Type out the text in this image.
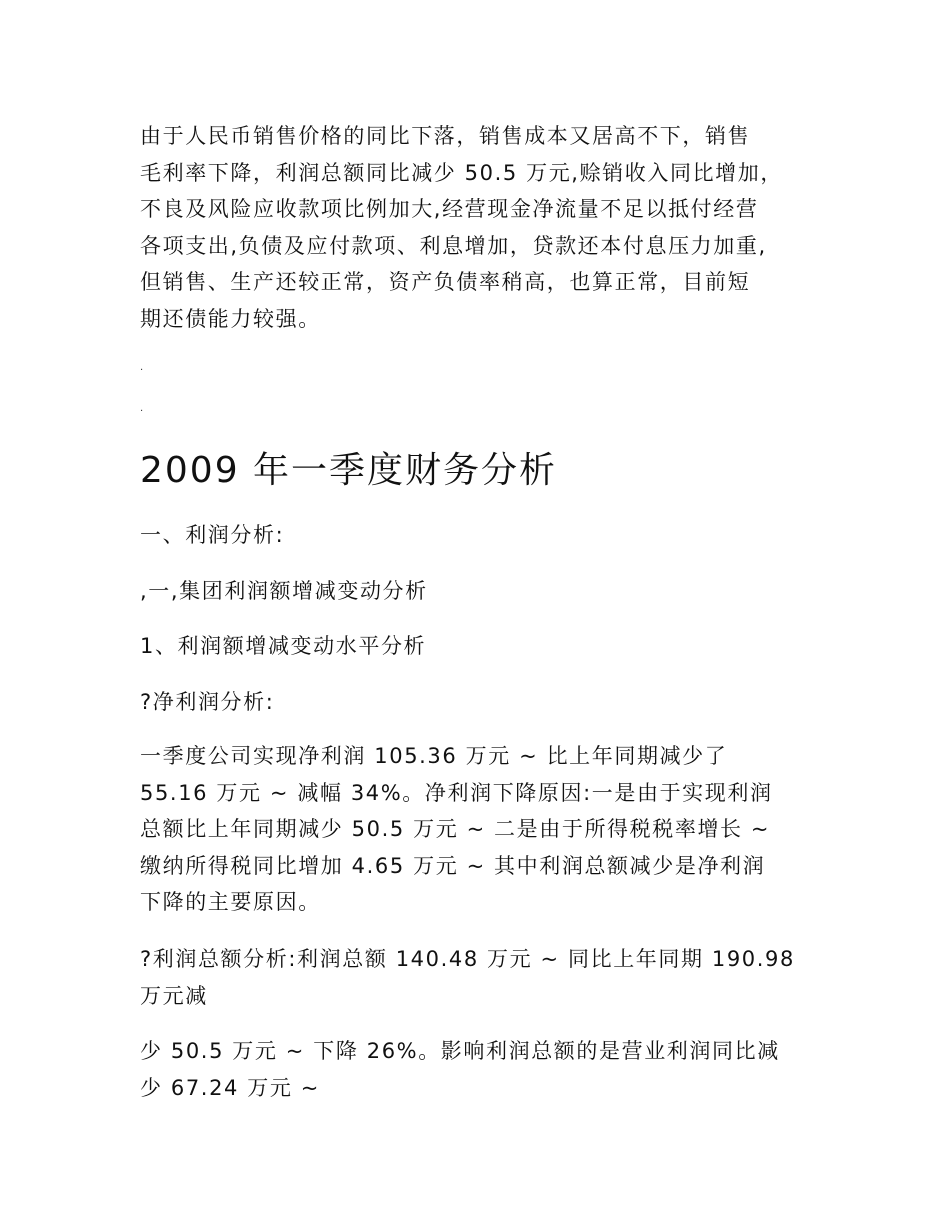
由于人民币销售价格的同比下落，销售成本又居高不下，销售
毛利率下降，利润总额同比减少 50.5 万元,赊销收入同比增加，
不良及风险应收款项比例加大,经营现金净流量不足以抵付经营
各项支出,负债及应付款项、利息增加，贷款还本付息压力加重,
但销售、生产还较正常，资产负债率稍高，也算正常，目前短
期还债能力较强。
.
.
2009 年一季度财务分析

一、利润分析:

,一,集团利润额增减变动分析

1、利润额增减变动水平分析

?净利润分析:

一季度公司实现净利润 105.36 万元 ~ 比上年同期减少了
55.16 万元 ~ 减幅 34%。净利润下降原因:一是由于实现利润
总额比上年同期减少 50.5 万元 ~ 二是由于所得税税率增长 ~
缴纳所得税同比增加 4.65 万元 ~ 其中利润总额减少是净利润
下降的主要原因。
?利润总额分析:利润总额 140.48 万元 ~ 同比上年同期 190.98
万元减
少 50.5 万元 ~ 下降 26%。影响利润总额的是营业利润同比减
少 67.24 万元 ~
